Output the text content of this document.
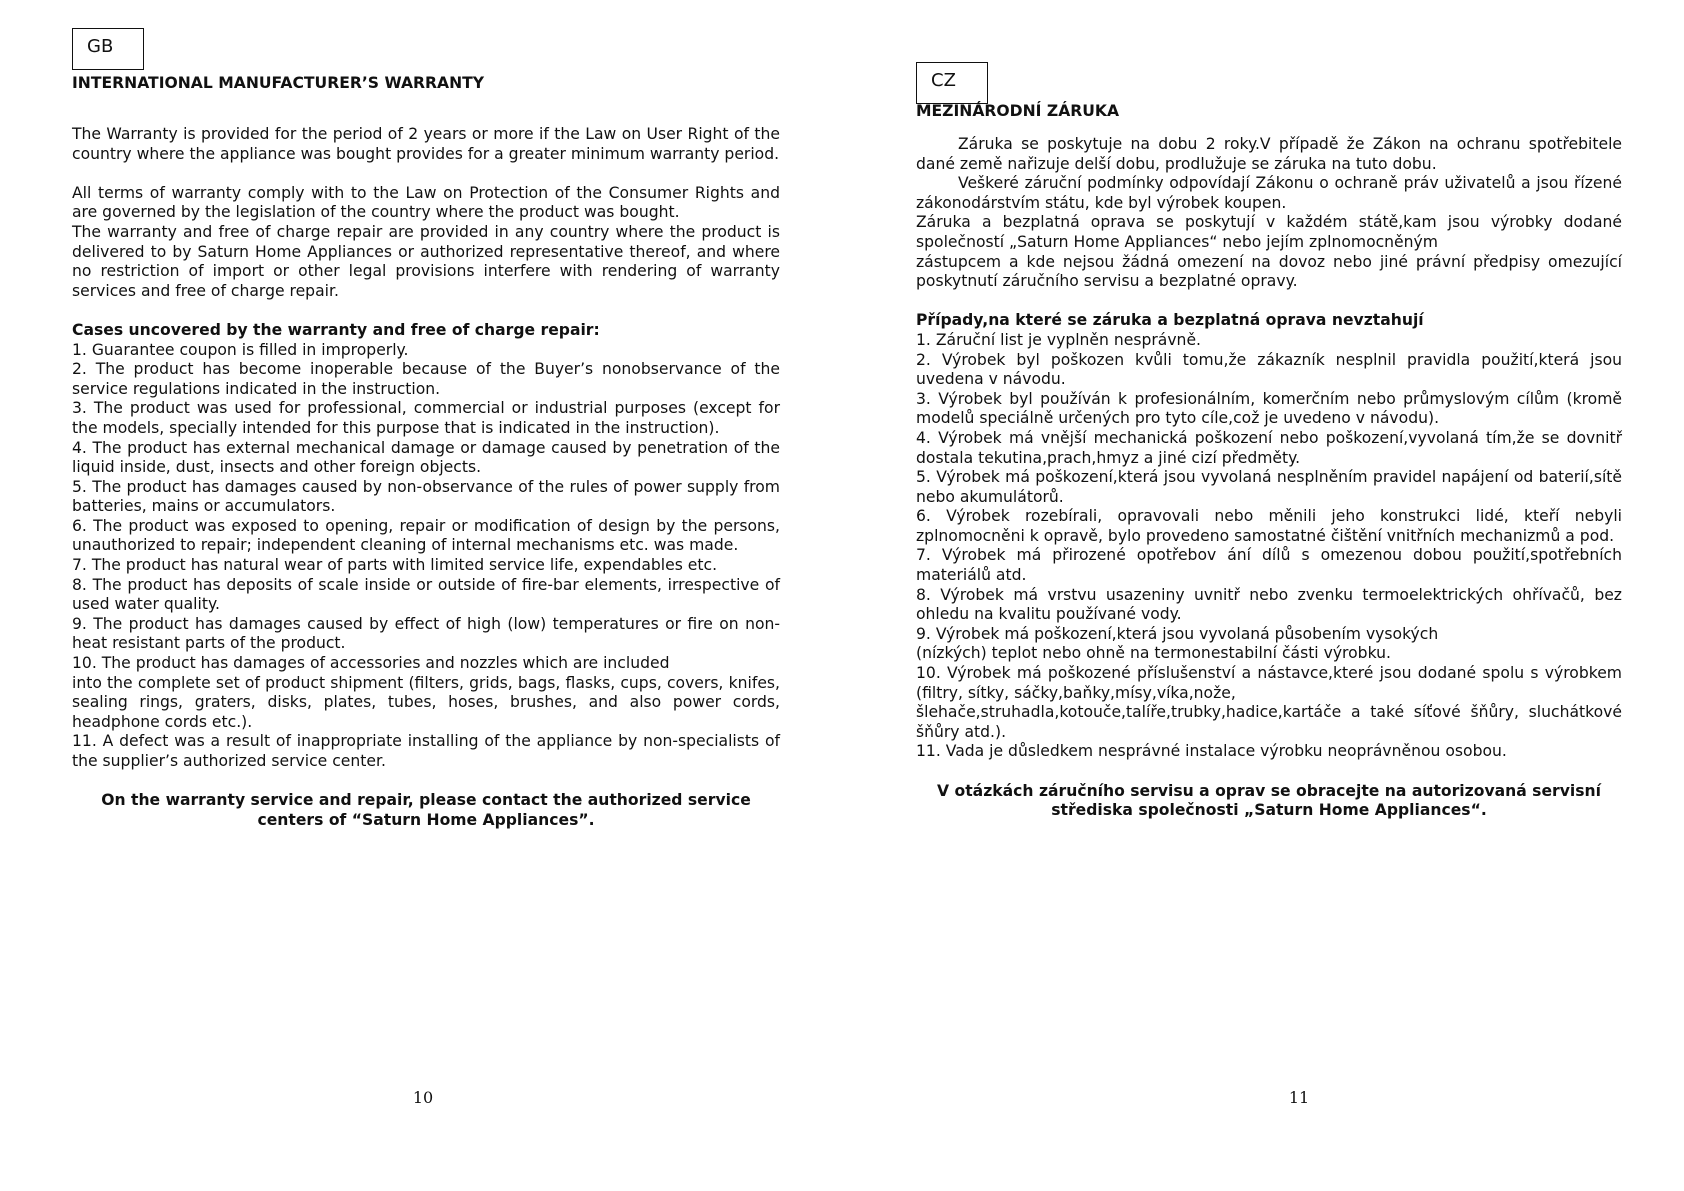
GB
INTERNATIONAL MANUFACTURER’S WARRANTY

The Warranty is provided for the period of 2 years or more if the Law on User Right of the country where the appliance was bought provides for a greater minimum warranty period.

All terms of warranty comply with to the Law on Protection of the Consumer Rights and are governed by the legislation of the country where the product was bought.

The warranty and free of charge repair are provided in any country where the product is delivered to by Saturn Home Appliances or authorized representative thereof, and where no restriction of import or other legal provisions interfere with rendering of warranty services and free of charge repair.

Cases uncovered by the warranty and free of charge repair:

1. Guarantee coupon is filled in improperly.

2. The product has become inoperable because of the Buyer’s nonobservance of the service regulations indicated in the instruction.

3. The product was used for professional, commercial or industrial purposes (except for the models, specially intended for this purpose that is indicated in the instruction).

4. The product has external mechanical damage or damage caused by penetration of the liquid inside, dust, insects and other foreign objects.

5. The product has damages caused by non-observance of the rules of power supply from batteries, mains or accumulators.

6. The product was exposed to opening, repair or modification of design by the persons, unauthorized to repair; independent cleaning of internal mechanisms etc. was made.

7. The product has natural wear of parts with limited service life, expendables etc.

8. The product has deposits of scale inside or outside of fire-bar elements, irrespective of used water quality.

9. The product has damages caused by effect of high (low) temperatures or fire on non-heat resistant parts of the product.

10. The product has damages of accessories and nozzles which are included

into the complete set of product shipment (filters, grids, bags, flasks, cups, covers, knifes, sealing rings, graters, disks, plates, tubes, hoses, brushes, and also power cords, headphone cords etc.).

11. A defect was a result of inappropriate installing of the appliance by non-specialists of the supplier’s authorized service center.

On the warranty service and repair, please contact the authorized service centers of “Saturn Home Appliances”.

10
CZ
MEZINÁRODNÍ ZÁRUKA

Záruka se poskytuje na dobu 2 roky.V případě že Zákon na ochranu spotřebitele dané země nařizuje delší dobu, prodlužuje se záruka na tuto dobu.

Veškeré záruční podmínky odpovídají Zákonu o ochraně práv uživatelů a jsou řízené zákonodárstvím státu, kde byl výrobek koupen.

Záruka a bezplatná oprava se poskytují v každém státě,kam jsou výrobky dodané společností „Saturn Home Appliances“ nebo jejím zplnomocněným

zástupcem a kde nejsou žádná omezení na dovoz nebo jiné právní předpisy omezující poskytnutí záručního servisu a bezplatné opravy.

Případy,na které se záruka a bezplatná oprava nevztahují

1. Záruční list je vyplněn nesprávně.

2. Výrobek byl poškozen kvůli tomu,že zákazník nesplnil pravidla použití,která jsou uvedena v návodu.

3. Výrobek byl používán k profesionálním, komerčním nebo průmyslovým cílům (kromě modelů speciálně určených pro tyto cíle,což je uvedeno v návodu).

4. Výrobek má vnější mechanická poškození nebo poškození,vyvolaná tím,že se dovnitř dostala tekutina,prach,hmyz a jiné cizí předměty.

5. Výrobek má poškození,která jsou vyvolaná nesplněním pravidel napájení od baterií,sítě nebo akumulátorů.

6. Výrobek rozebírali, opravovali nebo měnili jeho konstrukci lidé, kteří nebyli zplnomocněni k opravě, bylo provedeno samostatné čištění vnitřních mechanizmů a pod.

7. Výrobek má přirozené opotřebov ání dílů s omezenou dobou použití,spotřebních materiálů atd.

8. Výrobek má vrstvu usazeniny uvnitř nebo zvenku termoelektrických ohřívačů, bez ohledu na kvalitu používané vody.

9. Výrobek má poškození,která jsou vyvolaná působením vysokých

(nízkých) teplot nebo ohně na termonestabilní části výrobku.

10. Výrobek má poškozené příslušenství a nástavce,které jsou dodané spolu s výrobkem (filtry, sítky, sáčky,baňky,mísy,víka,nože,

šlehače,struhadla,kotouče,talíře,trubky,hadice,kartáče a také síťové šňůry, sluchátkové šňůry atd.).

11. Vada je důsledkem nesprávné instalace výrobku neoprávněnou osobou.

V otázkách záručního servisu a oprav se obracejte na autorizovaná servisní střediska společnosti „Saturn Home Appliances“.

11
